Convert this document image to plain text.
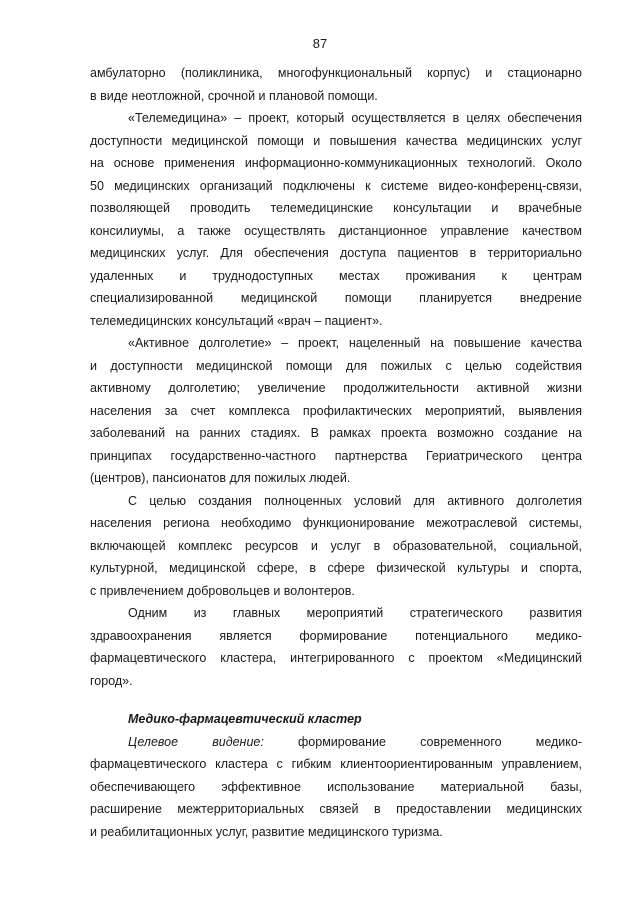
87
амбулаторно (поликлиника, многофункциональный корпус) и стационарно
в виде неотложной, срочной и плановой помощи.
«Телемедицина» – проект, который осуществляется в целях обеспечения
доступности медицинской помощи и повышения качества медицинских услуг
на основе применения информационно-коммуникационных технологий. Около
50 медицинских организаций подключены к системе видео-конференц-связи,
позволяющей проводить телемедицинские консультации и врачебные
консилиумы, а также осуществлять дистанционное управление качеством
медицинских услуг. Для обеспечения доступа пациентов в территориально
удаленных и труднодоступных местах проживания к центрам
специализированной медицинской помощи планируется внедрение
телемедицинских консультаций «врач – пациент».
«Активное долголетие» – проект, нацеленный на повышение качества
и доступности медицинской помощи для пожилых с целью содействия
активному долголетию; увеличение продолжительности активной жизни
населения за счет комплекса профилактических мероприятий, выявления
заболеваний на ранних стадиях. В рамках проекта возможно создание на
принципах государственно-частного партнерства Гериатрического центра
(центров), пансионатов для пожилых людей.
С целью создания полноценных условий для активного долголетия
населения региона необходимо функционирование межотраслевой системы,
включающей комплекс ресурсов и услуг в образовательной, социальной,
культурной, медицинской сфере, в сфере физической культуры и спорта,
с привлечением добровольцев и волонтеров.
Одним из главных мероприятий стратегического развития
здравоохранения является формирование потенциального медико-
фармацевтического кластера, интегрированного с проектом «Медицинский
город».
Медико-фармацевтический кластер
Целевое видение:	формирование современного медико-
фармацевтического кластера с гибким клиентоориентированным управлением,
обеспечивающего эффективное использование материальной базы,
расширение межтерриториальных связей в предоставлении медицинских
и реабилитационных услуг, развитие медицинского туризма.
